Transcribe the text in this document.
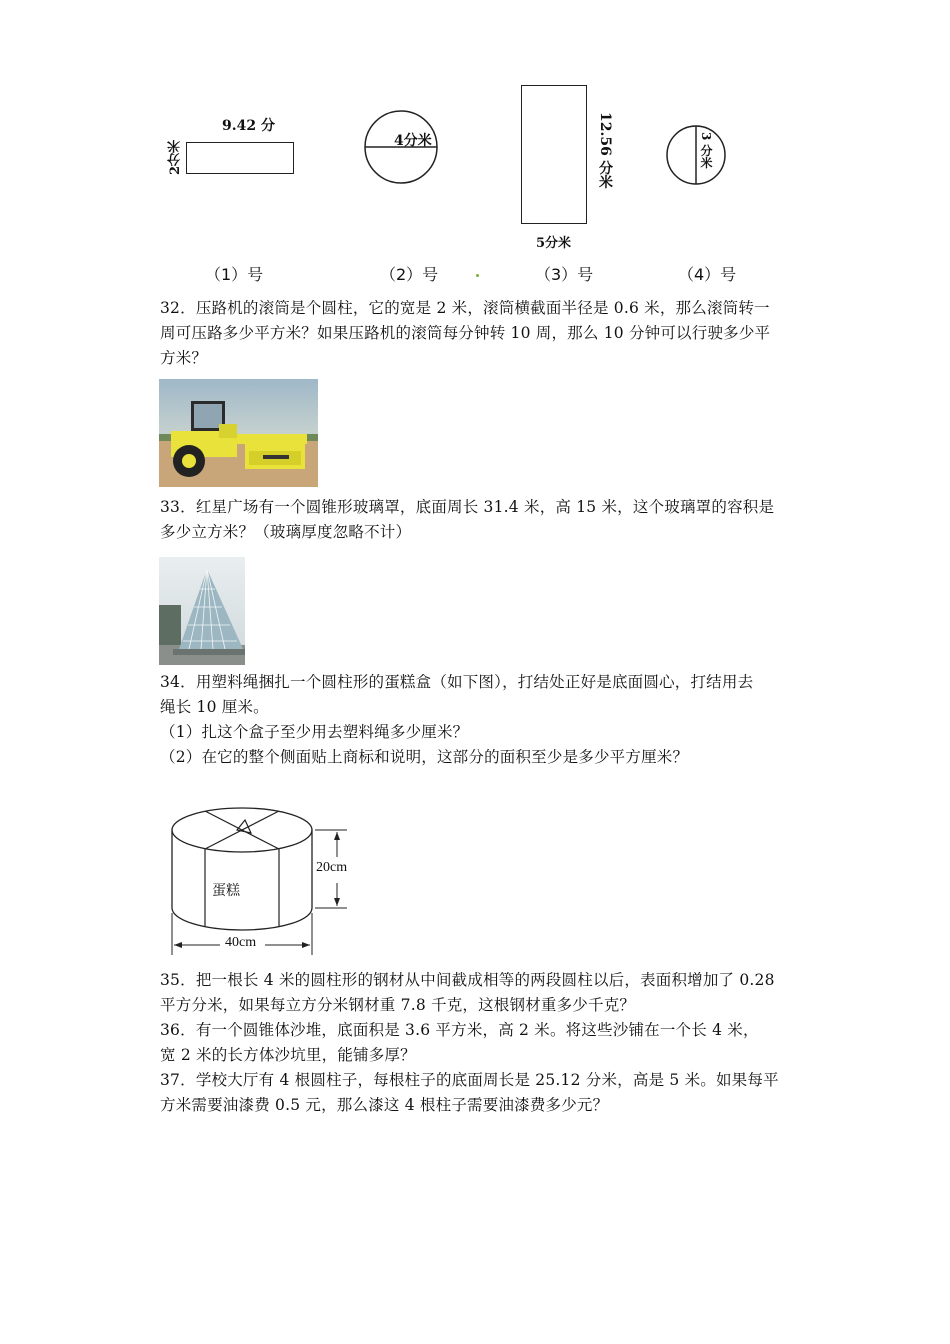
9.42 分
2分米
（1）号
4分米
（2）号
12.56 分米
5分米
（3）号
3 分米
（4）号

32．压路机的滚筒是个圆柱，它的宽是 2 米，滚筒横截面半径是 0.6 米，那么滚筒转一

周可压路多少平方米？如果压路机的滚筒每分钟转 10 周，那么 10 分钟可以行驶多少平

方米？

33．红星广场有一个圆锥形玻璃罩，底面周长 31.4 米，高 15 米，这个玻璃罩的容积是

多少立方米？（玻璃厚度忽略不计）

34．用塑料绳捆扎一个圆柱形的蛋糕盒（如下图），打结处正好是底面圆心，打结用去

绳长 10 厘米。

（1）扎这个盒子至少用去塑料绳多少厘米？

（2）在它的整个侧面贴上商标和说明，这部分的面积至少是多少平方厘米？

蛋糕
20cm
40cm

35．把一根长 4 米的圆柱形的钢材从中间截成相等的两段圆柱以后，表面积增加了 0.28

平方分米，如果每立方分米钢材重 7.8 千克，这根钢材重多少千克？

36．有一个圆锥体沙堆，底面积是 3.6 平方米，高 2 米。将这些沙铺在一个长 4 米，

宽 2 米的长方体沙坑里，能铺多厚？

37．学校大厅有 4 根圆柱子，每根柱子的底面周长是 25.12 分米，高是 5 米。如果每平

方米需要油漆费 0.5 元，那么漆这 4 根柱子需要油漆费多少元？
